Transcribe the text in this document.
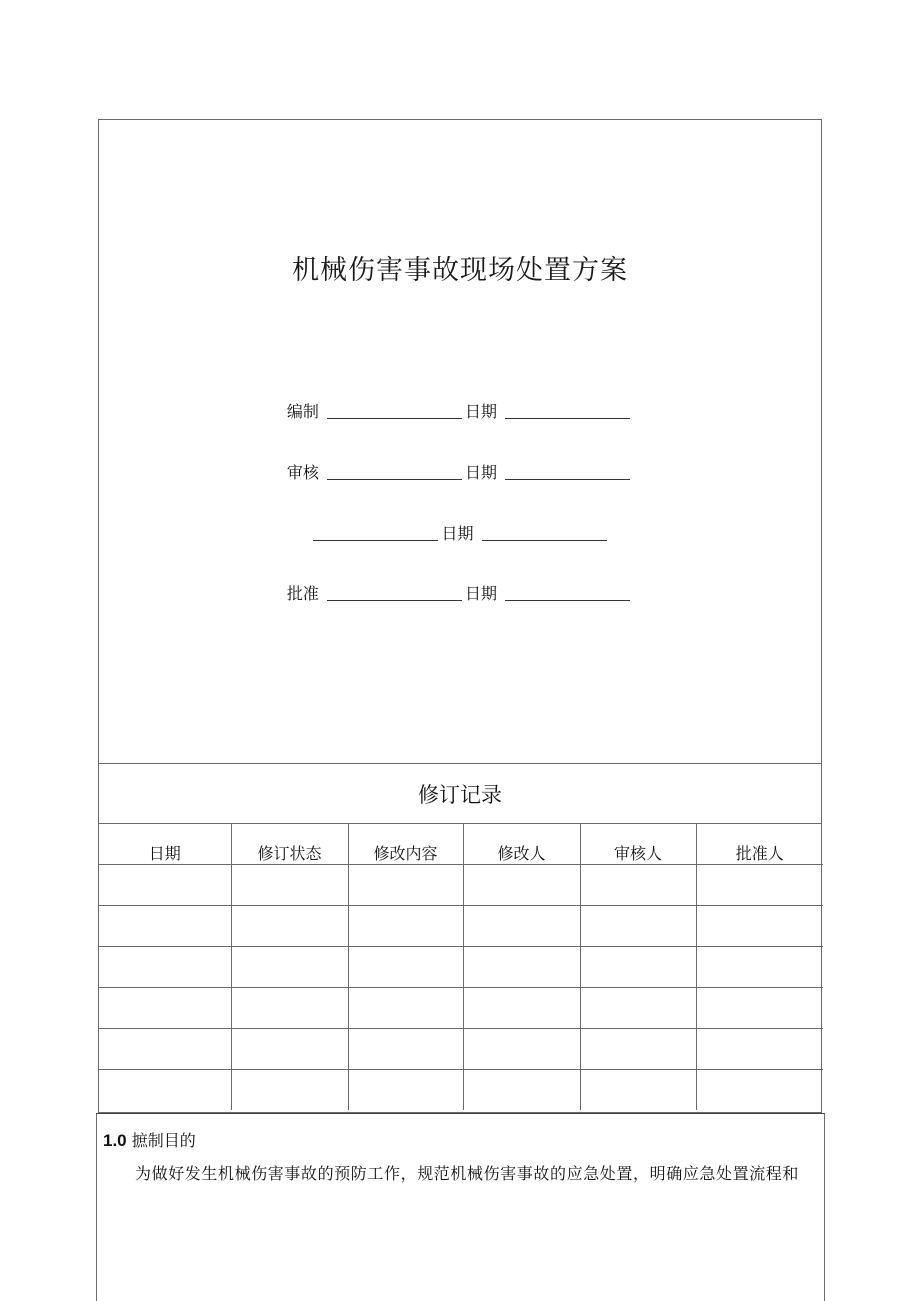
机械伤害事故现场处置方案
编制	日期
审核	日期
日期
批准	日期
修订记录
日期	修订状态	修改内容	修改人	审核人	批准人

1.0 摭制目的
为做好发生机械伤害事故的预防工作，规范机械伤害事故的应急处置，明确应急处置流程和
